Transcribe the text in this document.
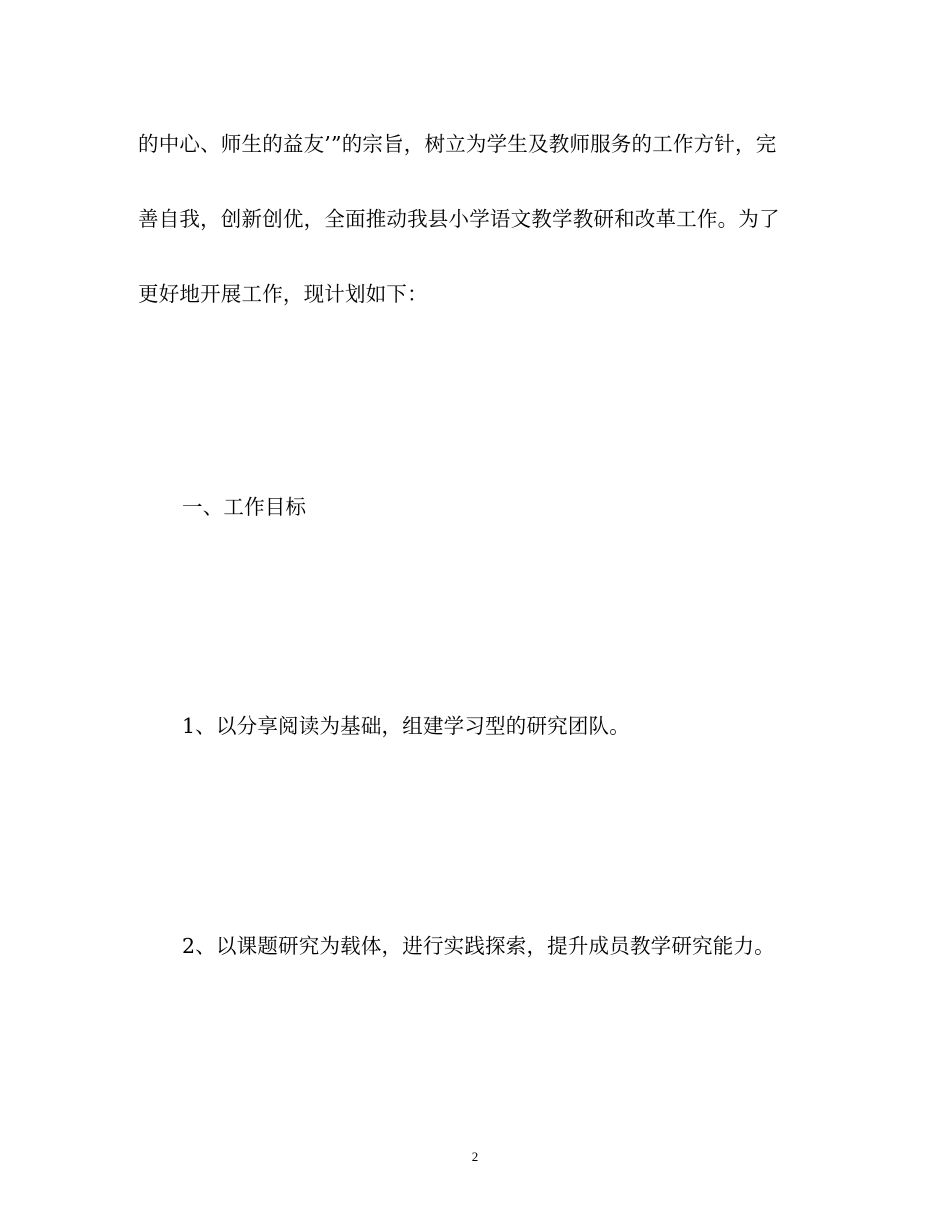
的中心、师生的益友’”的宗旨，树立为学生及教师服务的工作方针，完
善自我，创新创优，全面推动我县小学语文教学教研和改革工作。为了
更好地开展工作，现计划如下：
一、工作目标
1、以分享阅读为基础，组建学习型的研究团队。
2、以课题研究为载体，进行实践探索，提升成员教学研究能力。
2
